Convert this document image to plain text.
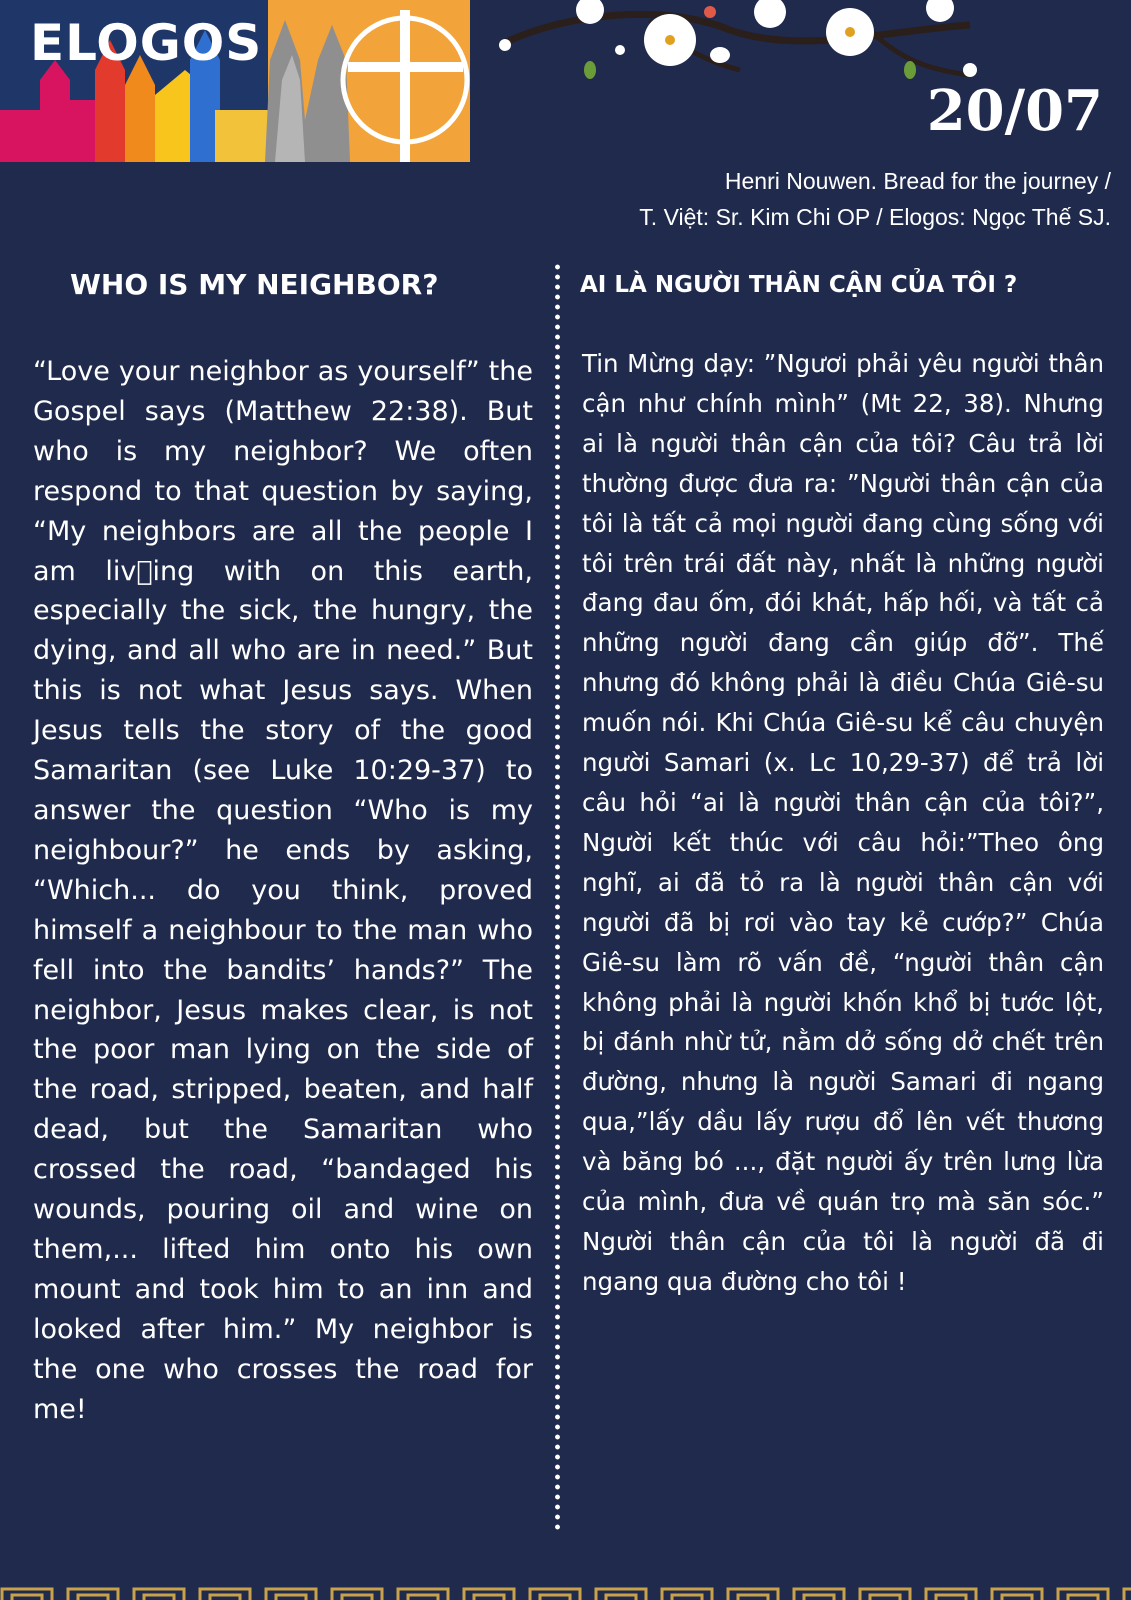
ELOGOS
20/07
Henri Nouwen. Bread for the journey /
T. Việt: Sr. Kim Chi OP / Elogos: Ngọc Thế SJ.
WHO IS MY NEIGHBOR?	AI LÀ NGƯỜI THÂN CẬN CỦA TÔI ?
“Love your neighbor as yourself” the Gospel says (Matthew 22:38). But who is my neighbor? We often respond to that question by saying, “My neighbors are all the people I am liv ing with on this earth, especially the sick, the hungry, the dying, and all who are in need.” But this is not what Jesus says. When Jesus tells the story of the good Samaritan (see Luke 10:29-37) to answer the question “Who is my neighbour?” he ends by asking, “Which... do you think, proved himself a neighbour to the man who fell into the bandits’ hands?” The neighbor, Jesus makes clear, is not the poor man lying on the side of the road, stripped, beaten, and half dead, but the Samaritan who crossed the road, “bandaged his wounds, pouring oil and wine on them,... lifted him onto his own mount and took him to an inn and looked after him.” My neighbor is the one who crosses the road for me!
Tin Mừng dạy: ”Ngươi phải yêu người thân cận như chính mình” (Mt 22, 38). Nhưng ai là người thân cận của tôi? Câu trả lời thường được đưa ra: ”Người thân cận của tôi là tất cả mọi người đang cùng sống với tôi trên trái đất này, nhất là những người đang đau ốm, đói khát, hấp hối, và tất cả những người đang cần giúp đỡ”. Thế nhưng đó không phải là điều Chúa Giê-su muốn nói. Khi Chúa Giê-su kể câu chuyện người Samari (x. Lc 10,29-37) để trả lời câu hỏi “ai là người thân cận của tôi?”, Người kết thúc với câu hỏi:”Theo ông nghĩ, ai đã tỏ ra là người thân cận với người đã bị rơi vào tay kẻ cướp?” Chúa Giê-su làm rõ vấn đề, “người thân cận không phải là người khốn khổ bị tước lột, bị đánh nhừ tử, nằm dở sống dở chết trên đường, nhưng là người Samari đi ngang qua,”lấy dầu lấy rượu đổ lên vết thương và băng bó ..., đặt người ấy trên lưng lừa của mình, đưa về quán trọ mà săn sóc.” Người thân cận của tôi là người đã đi ngang qua đường cho tôi !
